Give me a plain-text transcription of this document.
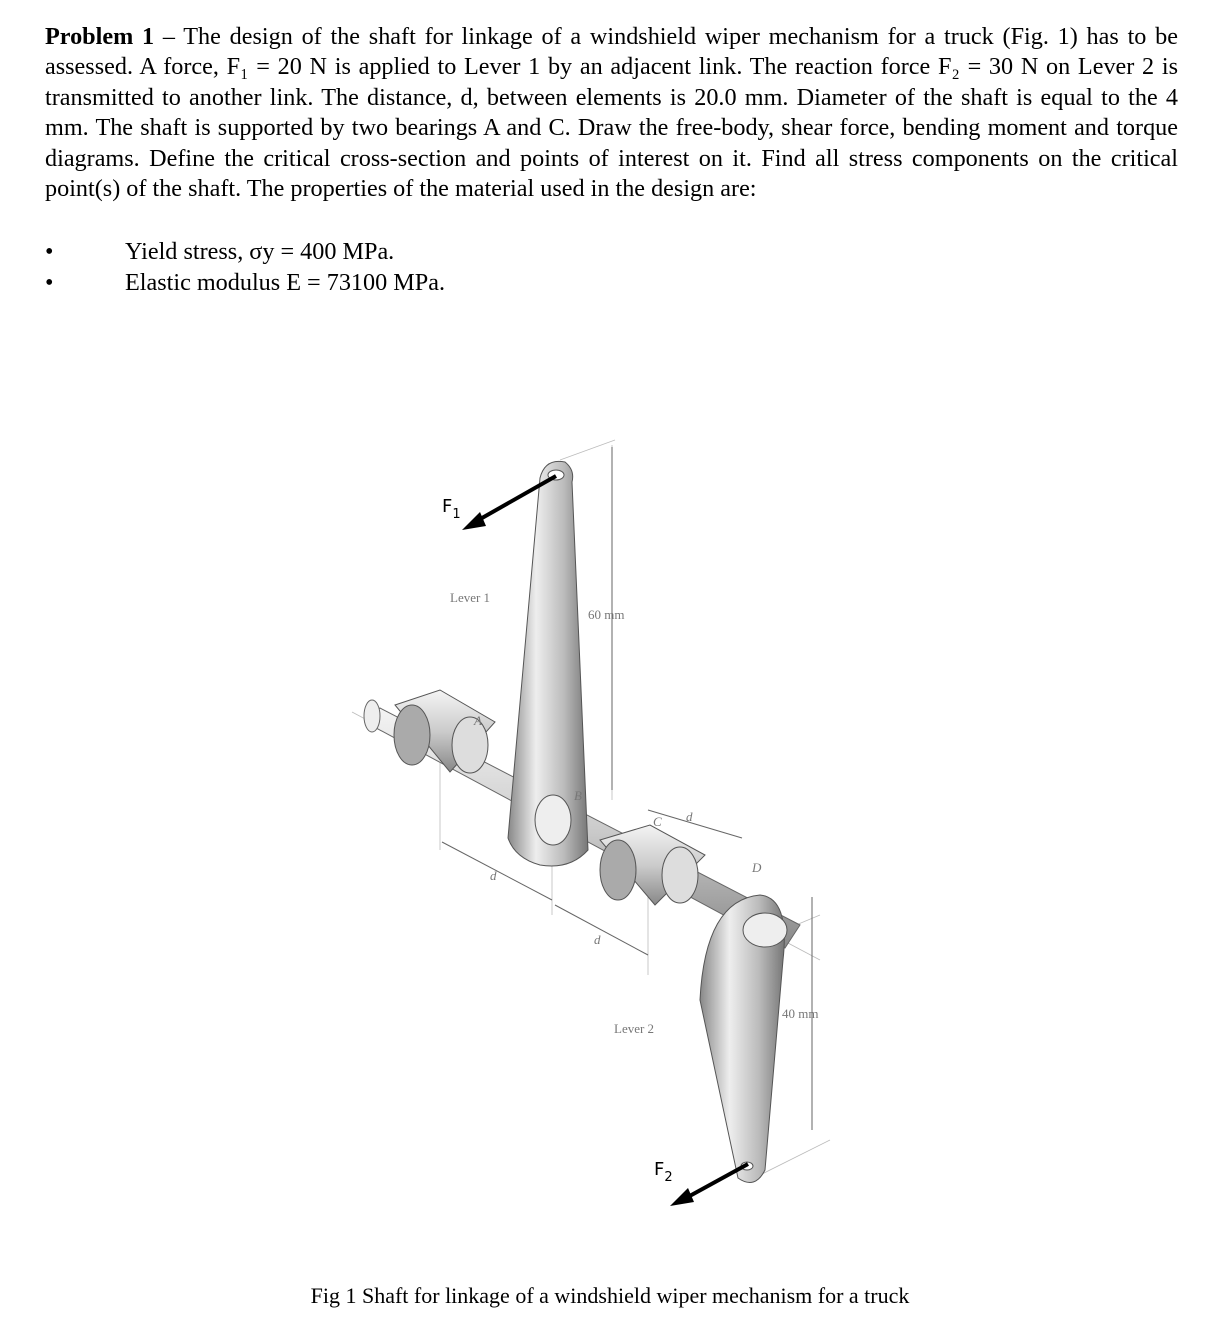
Problem 1 – The design of the shaft for linkage of a windshield wiper mechanism for a truck (Fig. 1) has to be assessed. A force, F₁ = 20 N is applied to Lever 1 by an adjacent link. The reaction force F₂ = 30 N on Lever 2 is transmitted to another link. The distance, d, between elements is 20.0 mm. Diameter of the shaft is equal to the 4 mm. The shaft is supported by two bearings A and C. Draw the free-body, shear force, bending moment and torque diagrams. Define the critical cross-section and points of interest on it. Find all stress components on the critical point(s) of the shaft. The properties of the material used in the design are:
•	Yield stress, σy = 400 MPa.
•	Elastic modulus E = 73100 MPa.
$F_1$
$F_2$
Lever 1
Lever 2
60 mm
40 mm
A
B
C
D
d
d
d
Fig 1 Shaft for linkage of a windshield wiper mechanism for a truck
